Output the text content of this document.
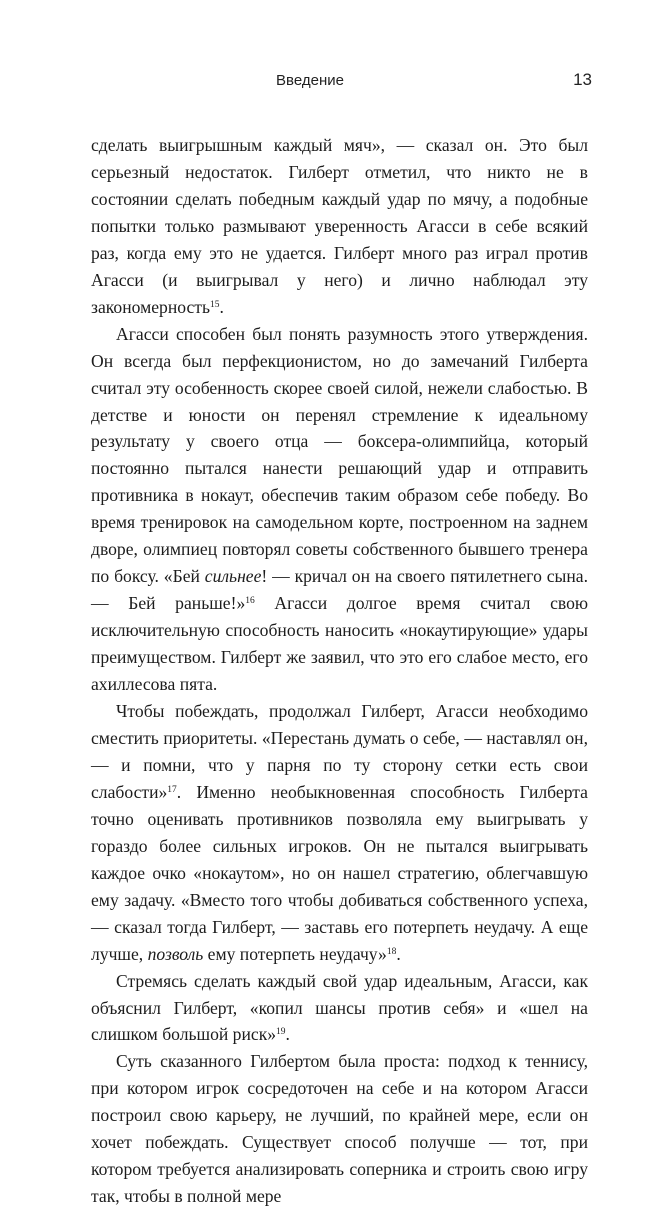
Введение	13

сделать выигрышным каждый мяч», — сказал он. Это был серьезный недостаток. Гилберт отметил, что никто не в состоянии сделать победным каждый удар по мячу, а подобные попытки только размывают уверенность Агасси в себе всякий раз, когда ему это не удается. Гилберт много раз играл против Агасси (и выигрывал у него) и лично наблюдал эту закономерность$^{15}$.

Агасси способен был понять разумность этого утверждения. Он всегда был перфекционистом, но до замечаний Гилберта считал эту особенность скорее своей силой, нежели слабостью. В детстве и юности он перенял стремление к идеальному результату у своего отца — боксера-олимпийца, который постоянно пытался нанести решающий удар и отправить противника в нокаут, обеспечив таким образом себе победу. Во время тренировок на самодельном корте, построенном на заднем дворе, олимпиец повторял советы собственного бывшего тренера по боксу. «Бей сильнее! — кричал он на своего пятилетнего сына. — Бей раньше!»$^{16}$ Агасси долгое время считал свою исключительную способность наносить «нокаутирующие» удары преимуществом. Гилберт же заявил, что это его слабое место, его ахиллесова пята.

Чтобы побеждать, продолжал Гилберт, Агасси необходимо сместить приоритеты. «Перестань думать о себе, — наставлял он, — и помни, что у парня по ту сторону сетки есть свои слабости»$^{17}$. Именно необыкновенная способность Гилберта точно оценивать противников позволяла ему выигрывать у гораздо более сильных игроков. Он не пытался выигрывать каждое очко «нокаутом», но он нашел стратегию, облегчавшую ему задачу. «Вместо того чтобы добиваться собственного успеха, — сказал тогда Гилберт, — заставь его потерпеть неудачу. А еще лучше, позволь ему потерпеть неудачу»$^{18}$.

Стремясь сделать каждый свой удар идеальным, Агасси, как объяснил Гилберт, «копил шансы против себя» и «шел на слишком большой риск»$^{19}$.

Суть сказанного Гилбертом была проста: подход к теннису, при котором игрок сосредоточен на себе и на котором Агасси построил свою карьеру, не лучший, по крайней мере, если он хочет побеждать. Существует способ получше — тот, при котором требуется анализировать соперника и строить свою игру так, чтобы в полной мере
